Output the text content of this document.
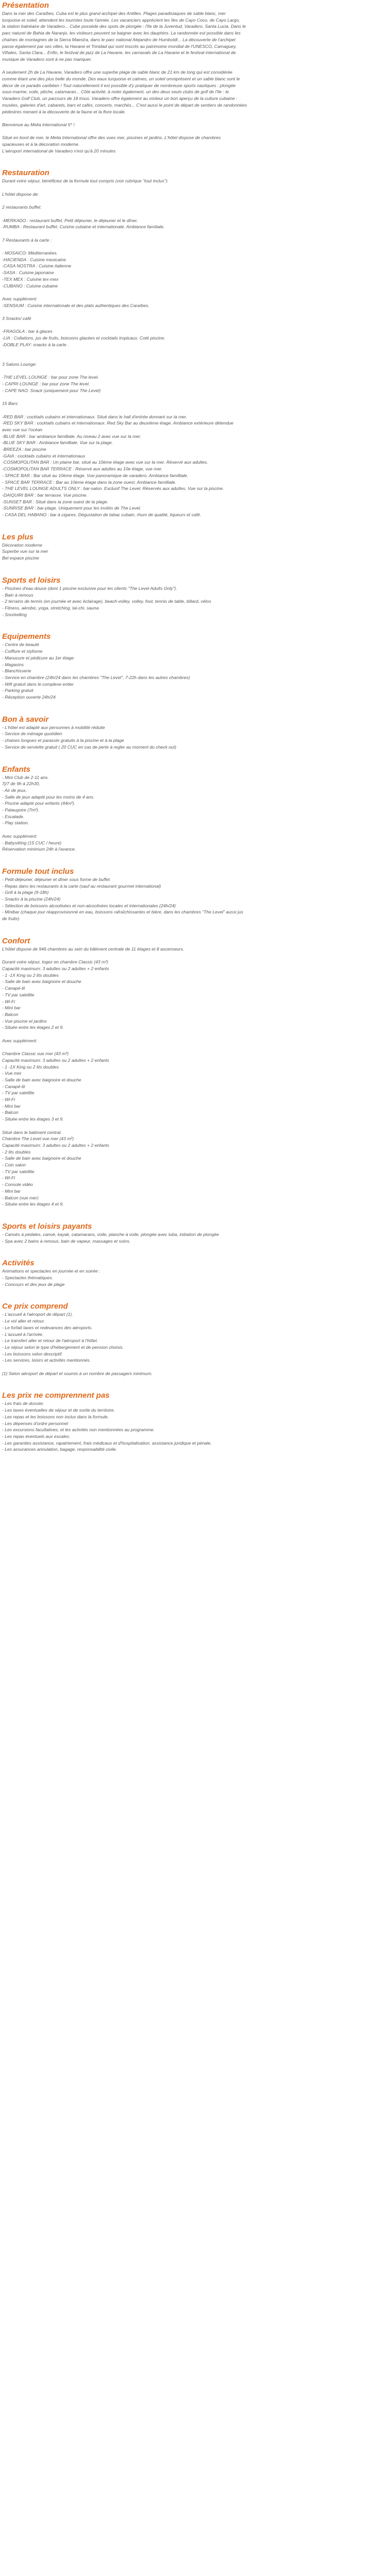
Présentation

Dans la mer des Caraïbes, Cuba est le plus grand archipel des Antilles. Plages paradisiaques de sable blanc, mer

turquoise et soleil, attendent les touristes toute l'année. Les vacanciers apprécient les îles de Cayo Coco, de Cayo Largo,

la station balnéaire de Varadero... Cube possède des spots de plongée : l'île de la Juventud, Varadero, Santa Lucia. Dans le

parc naturel de Bahia de Naranjo, les visiteurs peuvent se baigner avec les dauphins. La randonnée est possible dans les

chaînes de montagnes de la Sierra Maestra, dans le parc national Alejandro de Humboldt... La découverte de l'archipel

passe également par ses villes, la Havane et Trinidad qui sont inscrits au patrimoine mondial de l'UNESCO, Camaguey,

Viñales, Santa Clara... Enfin, le festival de jazz de La Havane, les carnavals de La Havane et le festival international de

musique de Varadero sont à ne pas manquer.

A seulement 2h de La Havane, Varadero offre une superbe plage de sable blanc de 21 km de long qui est considérée

comme étant une des plus belle du monde. Des eaux turquoise et calmes, un soleil omniprésent et un sable blanc sont le

décor de ce paradis caribéen ! Tout naturellement il est possible d'y pratiquer de nombreuse sports nautiques : plongée

sous-marine, voile, pêche, catamaran... Côté activité, à noter également, un des deux seuls clubs de golf de l'île : le

Varadero Golf Club, un parcours de 18 trous. Varadero offre également au visiteur un bon aperçu de la culture cubaine :

musées, galeries d'art, cabarets, bars et cafés, concerts, marchés... C'est aussi le point de départ de sentiers de randonnées

pédestres menant à la découverte de la faune et la flore locale.

Bienvenue au Melia International 5* !

Situé en bord de mer, le Melia International offre des vues mer, piscines et jardins. L'hôtel dispose de chambres

spacieuses et à la décoration moderne.

L'aéroport international de Varadero n'est qu'à 20 minutes

Restauration

Durant votre séjour, bénéficiez de la formule tout compris (voir rubrique "tout inclus").

L'hôtel dispose de:

2 restaurants buffet:

-MERKADO : restaurant buffet, Petit déjeuner, le déjeuner et le dîner.

-RUMBA : Restaurant buffet. Cuisine cubaine et internationale. Ambiance familiale.

7 Restaurants à la carte :

- MOSAICO: Méditerranées.

-HACIENDA : Cuisine mexicaine

-CASA NOSTRA : Cuisine italienne

-SASA : Cuisine japonaise

-TEX MEX : Cuisine tex-mex

-CUBANO : Cuisine cubaine

Avec supplément:

-SENSIUM : Cuisine internationale et des plats authentiques des Caraïbes.

3 Snacks/ café

-FRAGOLA : bar à glaces

-LIA : Collations, jus de fruits, boissons glacées et cocktails tropicaux. Coté piscine.

-DOBLE PLAY: snacks à la carte .

3 Salons Lounge:

-THE LEVEL LOUNGE : bar pour zone The level.

- CAPRI LOUNGE : bar pour zone The level.

- CAPE NAO: Snack (uniquement pour The Level)

15 Bars:

-RED BAR : cocktails cubains et internationaux. Situé dans le hall d'entrée donnant sur la mer.

-RED SKY BAR : cocktails cubains et internationaux. Red Sky Bar au deuxième étage. Ambiance extérieure détendue

avec vue sur l'océan

-BLUE BAR : bar ambiance familliale. Au niveau 2 avec vue sur la mer.

-BLUE SKY BAR : Ambiance familliale. Vue sur la plage.

-BREEZA : bar piscine

-GAIA : cocktails cubains et internationaux

-COSMOPOLITAN BAR : Un plaine bar, situé au 10ème étage avec vue sur la mer. Réservé aux adultes.

-COSMOPOLITAN BAR TERRACE : Réservé aux adultes au 10e étage, vue mer.

- SPACE BAR : Bar situé au 10ème étage. Vue panoramique de varadero. Ambiance familliale.

- SPACE BAR TERRACE : Bar au 10ème étage dans la zone ouest. Ambiance familliale.

- THE LEVEL LOUNGE ADULTS ONLY : bar-salon. Exclusif The Level. Réservés aux adultes. Vue sur la piscine.

-DAIQUIRI BAR : bar terrasse. Vue piscine.

-SUNSET BAR : Situé dans la zone ouest de la plage.

-SUNRISE BAR : bar-plage. Uniquement pour les invités de The Level.

- CASA DEL HABANO : bar à cigares. Dégustation de tabac cubain, rhum de qualité, liqueurs et café.

Les plus

Décoration moderne

Superbe vue sur la mer

Bel espace piscine

Sports et loisirs

- Piscines d'eau douce (dont 1 piscine exclusive pour les clients "The Level Adults Only").

- Bain à remous

- 2 terrains de tennis (en journée et avec éclairage), beach-volley, volley, foot, tennis de table, billard, vélos

- Fitness, aérobic, yoga, stretching, tai-chi, sauna

- Snorkelling

Equipements

- Centre de beauté

- Coiffure et stylisme

- Manucure et pédicure au 1er étage

- Magasins

- Blanchisserie

- Service en chambre (24h/24 dans les chambres "The Level", 7-22h dans les autres chambres)

- Wifi gratuit dans le complexe entier

- Parking gratuit

- Réception ouverte 24h/24

Bon à savoir

- L'hôtel est adapté aux personnes à mobilité réduite

- Service de ménage quotidien

- chaises longues et parasols gratuits à la piscine et à la plage

- Service de serviette gratuit ( 20 CUC en cas de perte à regler au moment du check out)

Enfants

- Mini Club de 2-11 ans.

7j/7 de 9h à 22h30,

- Air de jeux.

- Salle de jeux adapté pour les moins de 4 ans.

- Piscine adapté pour enfants (44m²).

- Pataugoire (7m²).

- Escalade.

- Play station.

Avec supplément:

- Babysitting (15 CUC / heure)

Réservation minimum 24h à l'avance.

Formule tout inclus

- Petit-déjeuner, déjeuner et dîner sous forme de buffet

- Repas dans les restaurants à la carte (sauf au restaurant gourmet international)

- Grill à la plage (9-18h)

- Snacks à la piscine (24h/24)

- Sélection de boissons alcoolisées et non-alcoolisées locales et internationales (24h/24)

- Minibar (chaque jour réapprovisionné en eau, boissons rafraîchissantes et bière, dans les chambres "The Level" aussi jus

de fruits)

Confort

L'hôtel dispose de 946 chambres au sein du bâtiment centrale de 11 étages et 8 ascenseurs.

Durant votre séjour, logez en chambre Classic (43 m²)

Capacité maximum: 3 adultes ou 2 adultes + 2 enfants

- 1 -1X King ou 2 lits doubles

- Salle de bain avec baignoire et douche

- Canapé-lit

- TV par satellite

- Wi-Fi

- Mini bar

- Balcon

- Vue piscine et jardins

- Située entre les étages 2 et 9.

Avec supplément:

Chambre Classic vue mer (43 m²)

Capacité maximum: 3 adultes ou 2 adultes + 2 enfants

- 1 -1X King ou 2 lits doubles

- Vue mer

- Salle de bain avec baignoire et douche

- Canapé-lit

- TV par satellite

- Wi-Fi

- Mini bar

- Balcon

- Située entre les étages 3 et 9.

Situé dans le batiment central.

Chambre The Level vue mer (43 m²)

Capacité maximum: 3 adultes ou 2 adultes + 2 enfants

- 2 lits doubles

- Salle de bain avec baignoire et douche

- Coin salon

- TV par satellite

- Wi-Fi

- Console vidéo

- Mini bar

- Balcon (vue mer)

- Située entre les étages 4 et 9.

Sports et loisirs payants

- Canoës à pédales, canoë, kayak, catamarans, voile, planche à voile, plongée avec tuba, initiation de plongée

- Spa avec 2 bains à remous, bain de vapeur, massages et soins.

Activités

Animations et spectacles en journée et en soirée :

- Spectacles thématiques.

- Concours et des jeux de plage

Ce prix comprend

- L'accueil à l'aéroport de départ (1).

- Le vol aller et retour.

- Le forfait taxes et redevances des aéroports.

- L'accueil à l'arrivée.

- Le transfert aller et retour de l'aéroport à l'hôtel.

- Le séjour selon le type d'hébergement et de pension choisis.

- Les boissons selon descriptif.

- Les services, loisirs et activités mentionnés.

(1) Selon aéroport de départ et soumis à un nombre de passagers minimum.

Les prix ne comprennent pas

- Les frais de dossier.

- Les taxes éventuelles de séjour et de sortie du territoire.

- Les repas et les boissons non inclus dans la formule.

- Les dépenses d'ordre personnel

- Les excursions facultatives, et les activités non mentionnées au programme.

- Les repas éventuels aux escales.

- Les garanties assistance, rapatriement, frais médicaux et d'hospitalisation, assistance juridique et pénale.

- Les assurances annulation, bagage, responsabilité civile.
